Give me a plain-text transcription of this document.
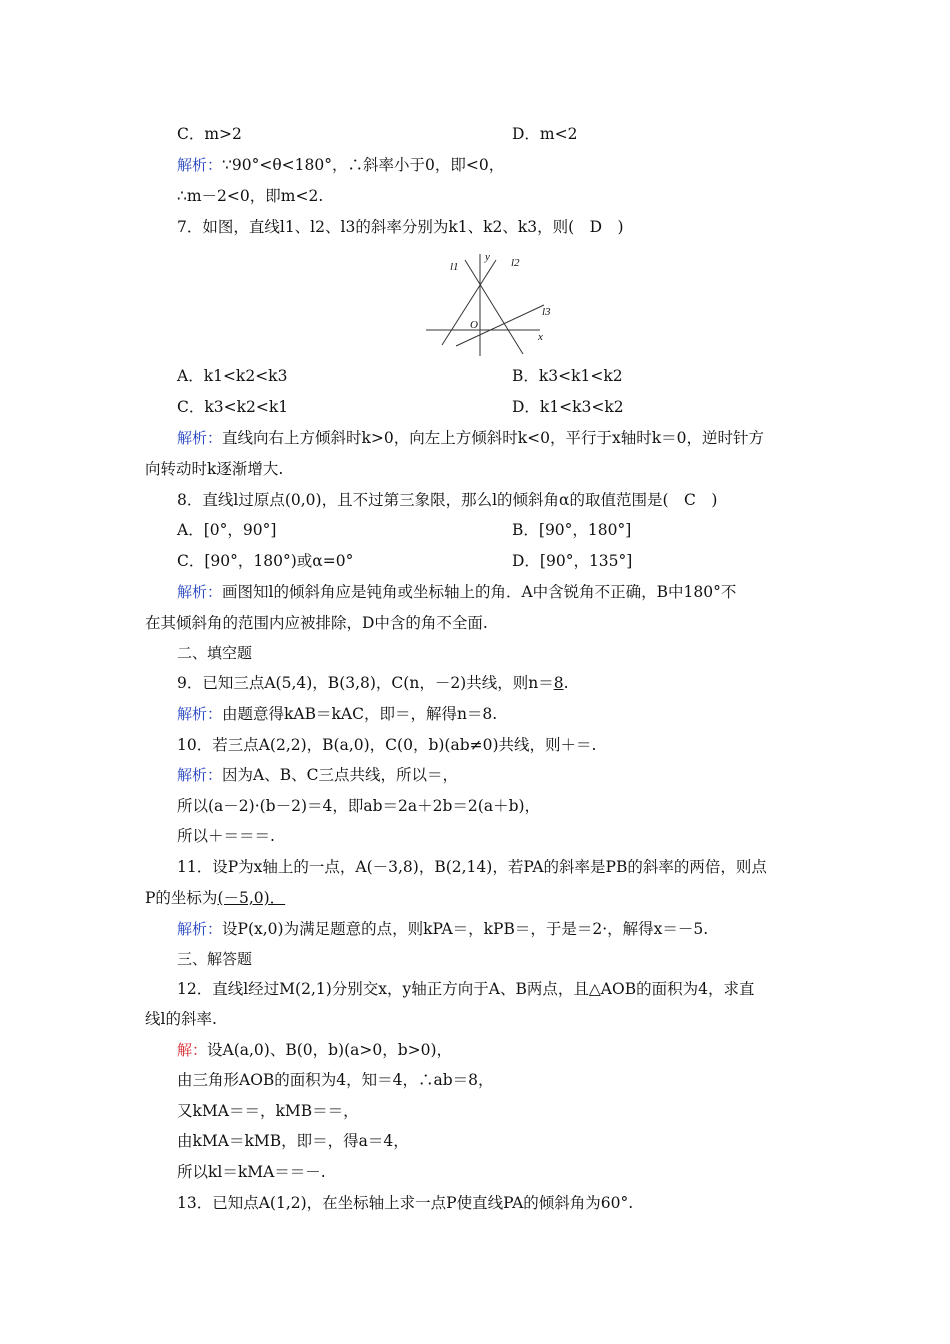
C．m>2	D．m<2
解析：∵90°<θ<180°，∴斜率小于0，即<0，
∴m－2<0，即m<2.
7．如图，直线l1、l2、l3的斜率分别为k1、k2、k3，则(　D　)
l1	l2
l3
y
x
O
A．k1<k2<k3	B．k3<k1<k2
C．k3<k2<k1	D．k1<k3<k2
解析：直线向右上方倾斜时k>0，向左上方倾斜时k<0，平行于x轴时k＝0，逆时针方
向转动时k逐渐增大.
8．直线l过原点(0,0)，且不过第三象限，那么l的倾斜角α的取值范围是(　C　)
A．[0°，90°]	B．[90°，180°]
C．[90°，180°)或α=0°	D．[90°，135°]
解析：画图知l的倾斜角应是钝角或坐标轴上的角．A中含锐角不正确，B中180°不
在其倾斜角的范围内应被排除，D中含的角不全面.
二、填空题
9．已知三点A(5,4)，B(3,8)，C(n，－2)共线，则n＝8.
解析：由题意得kAB＝kAC，即＝，解得n＝8.
10．若三点A(2,2)，B(a,0)，C(0，b)(ab≠0)共线，则＋＝.
解析：因为A、B、C三点共线，所以＝，
所以(a－2)·(b－2)＝4，即ab＝2a＋2b＝2(a＋b)，
所以＋＝＝＝.
11．设P为x轴上的一点，A(－3,8)，B(2,14)，若PA的斜率是PB的斜率的两倍，则点
P的坐标为(－5,0)．
解析：设P(x,0)为满足题意的点，则kPA＝，kPB＝，于是＝2·，解得x＝－5.
三、解答题
12．直线l经过M(2,1)分别交x，y轴正方向于A、B两点，且△AOB的面积为4，求直
线l的斜率.
解：设A(a,0)、B(0，b)(a>0，b>0)，
由三角形AOB的面积为4，知＝4，∴ab＝8，
又kMA＝＝，kMB＝＝，
由kMA＝kMB，即＝，得a＝4，
所以kl＝kMA＝＝－.
13．已知点A(1,2)，在坐标轴上求一点P使直线PA的倾斜角为60°.
